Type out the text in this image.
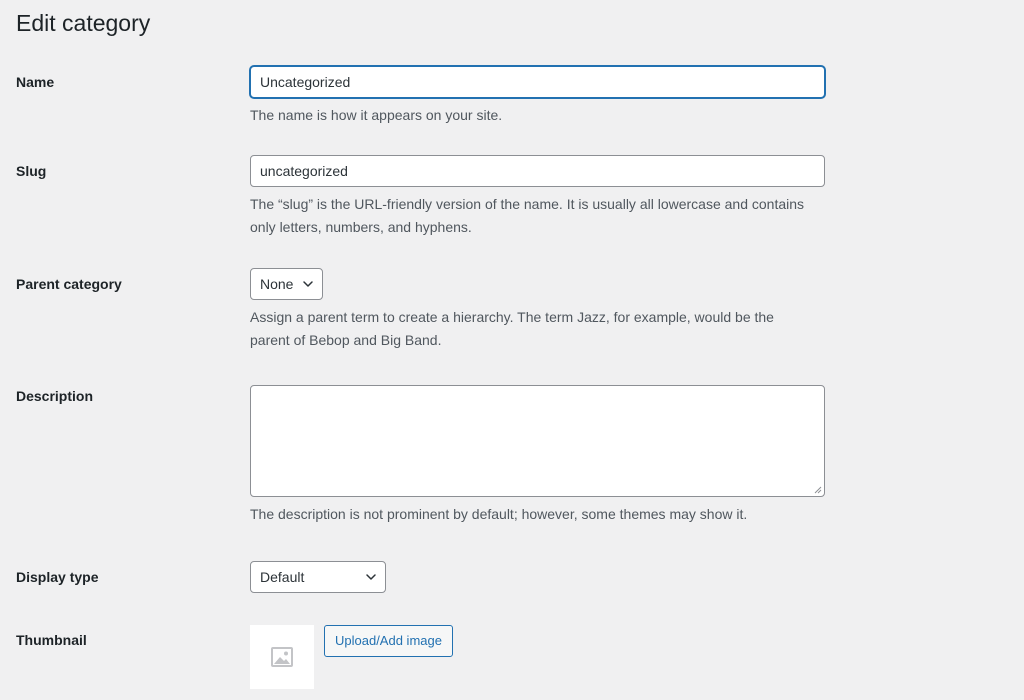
Edit category
Name	Uncategorized
The name is how it appears on your site.
Slug	uncategorized
The “slug” is the URL-friendly version of the name. It is usually all lowercase and contains only letters, numbers, and hyphens.
Parent category	None
Assign a parent term to create a hierarchy. The term Jazz, for example, would be the parent of Bebop and Big Band.
Description
The description is not prominent by default; however, some themes may show it.
Display type	Default
Thumbnail	Upload/Add image
